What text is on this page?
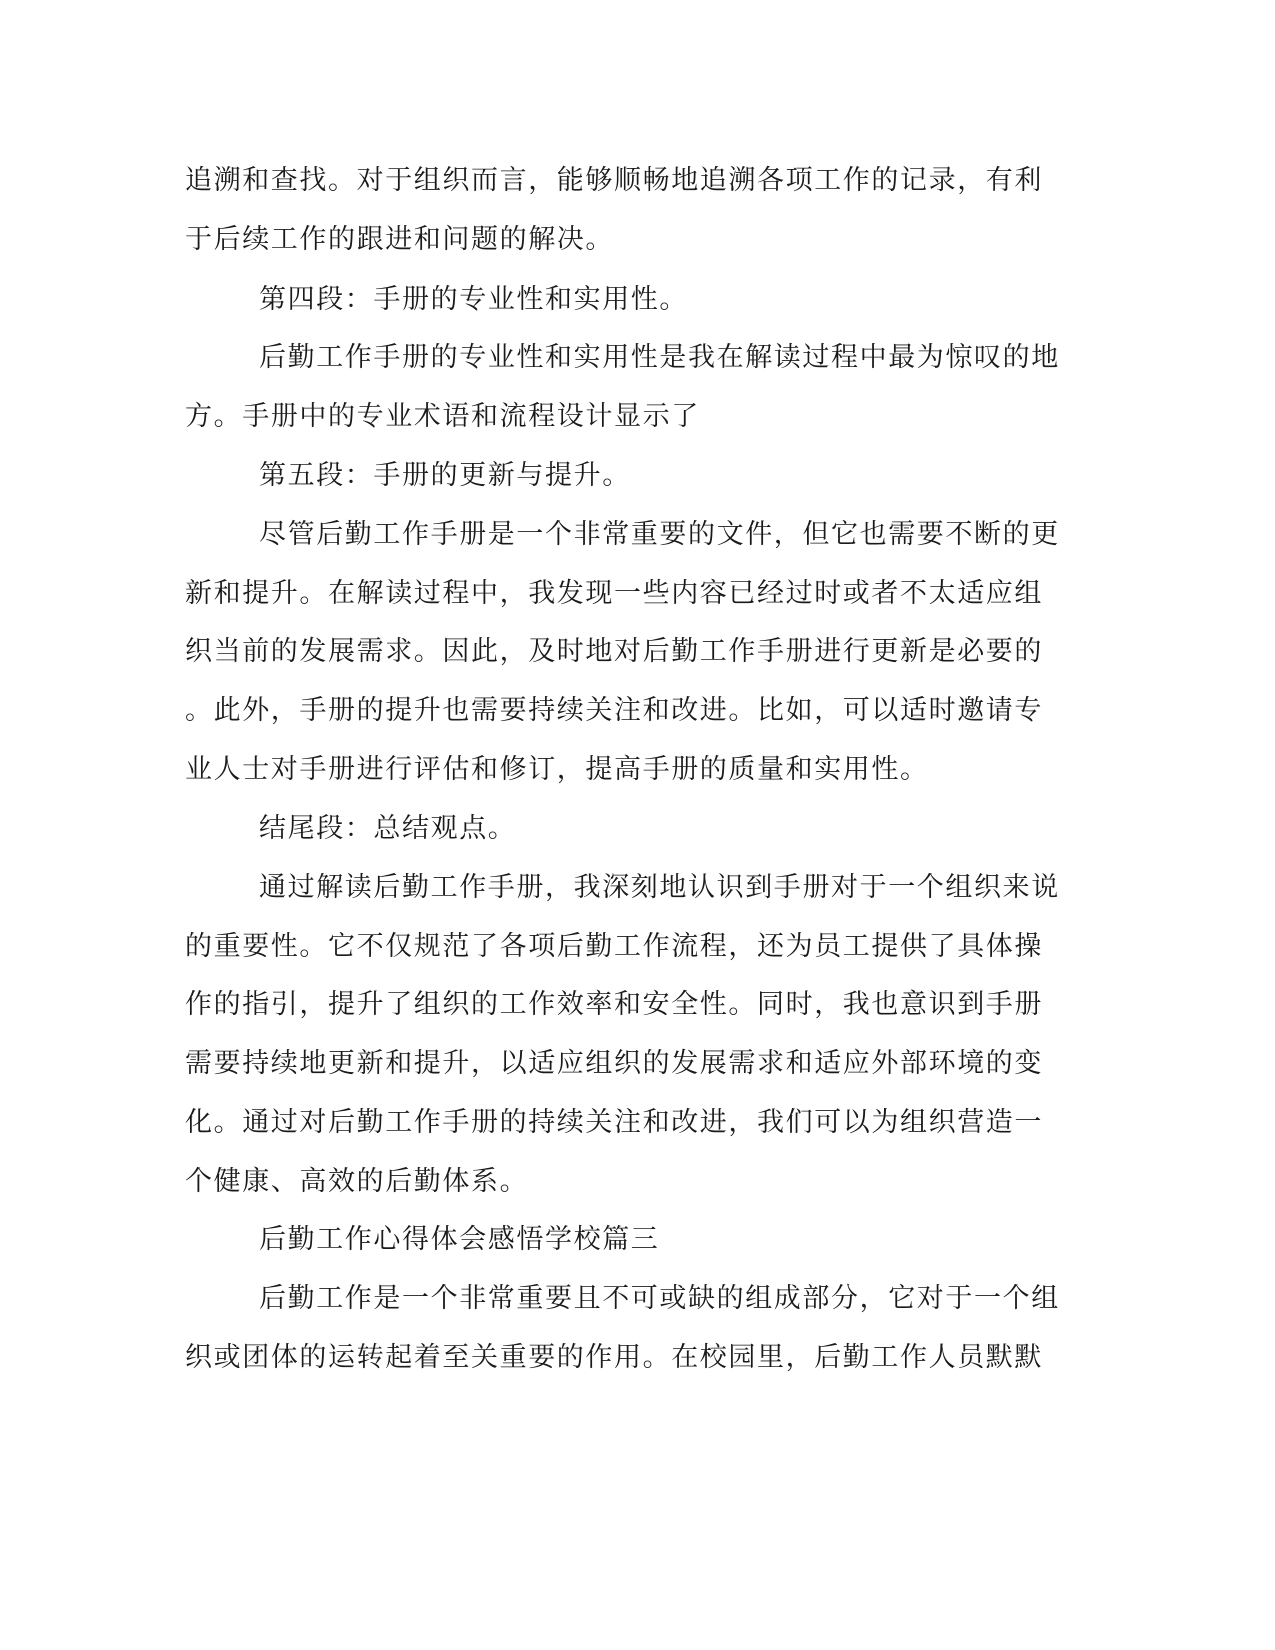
追溯和查找。对于组织而言，能够顺畅地追溯各项工作的记录，有利
于后续工作的跟进和问题的解决。
第四段：手册的专业性和实用性。
后勤工作手册的专业性和实用性是我在解读过程中最为惊叹的地
方。手册中的专业术语和流程设计显示了
第五段：手册的更新与提升。
尽管后勤工作手册是一个非常重要的文件，但它也需要不断的更
新和提升。在解读过程中，我发现一些内容已经过时或者不太适应组
织当前的发展需求。因此，及时地对后勤工作手册进行更新是必要的
。此外，手册的提升也需要持续关注和改进。比如，可以适时邀请专
业人士对手册进行评估和修订，提高手册的质量和实用性。
结尾段：总结观点。
通过解读后勤工作手册，我深刻地认识到手册对于一个组织来说
的重要性。它不仅规范了各项后勤工作流程，还为员工提供了具体操
作的指引，提升了组织的工作效率和安全性。同时，我也意识到手册
需要持续地更新和提升，以适应组织的发展需求和适应外部环境的变
化。通过对后勤工作手册的持续关注和改进，我们可以为组织营造一
个健康、高效的后勤体系。
后勤工作心得体会感悟学校篇三
后勤工作是一个非常重要且不可或缺的组成部分，它对于一个组
织或团体的运转起着至关重要的作用。在校园里，后勤工作人员默默
